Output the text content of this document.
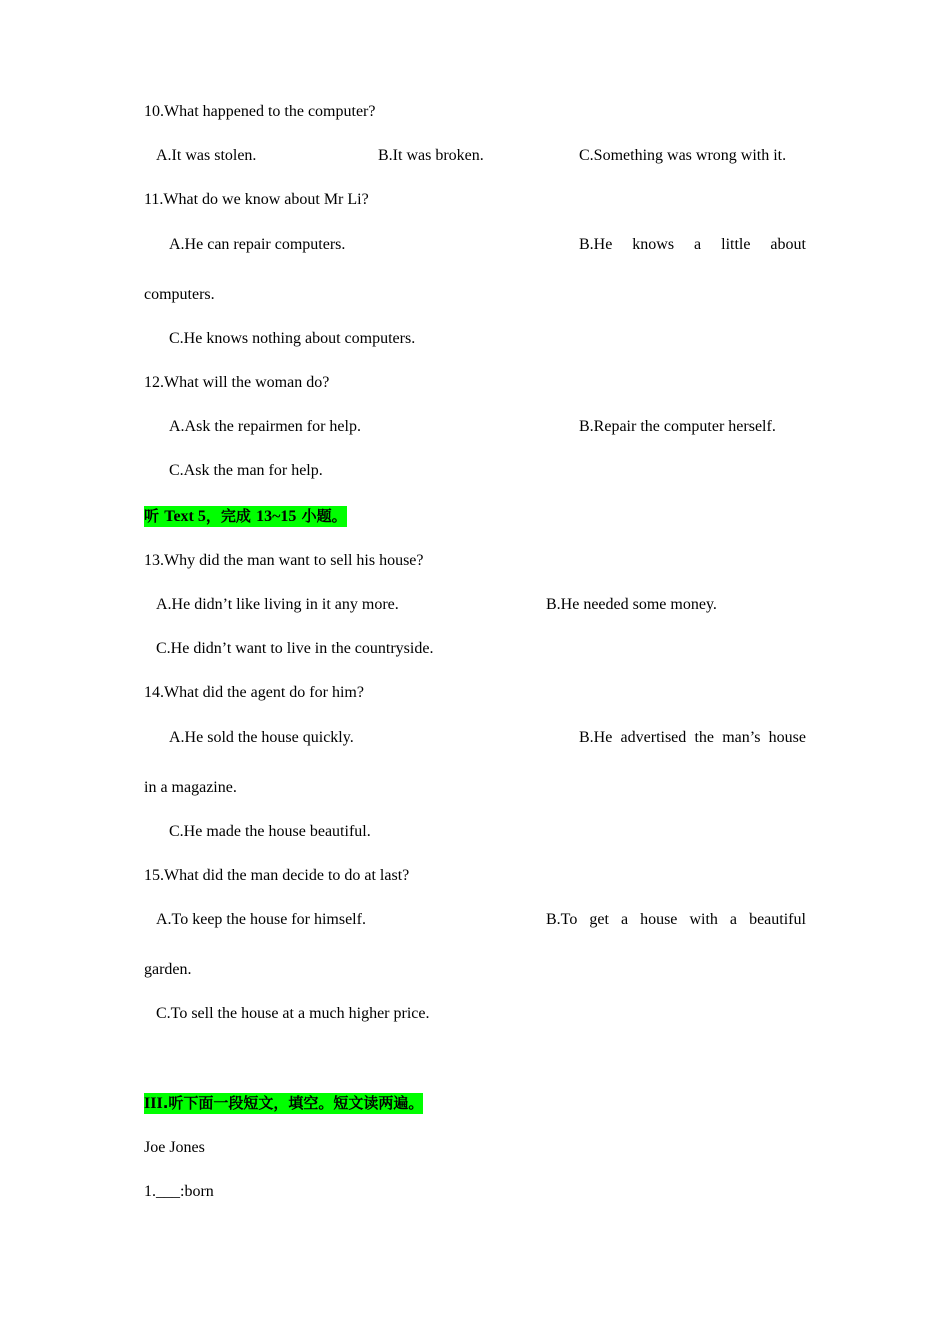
10.What happened to the computer?
A.It was stolen.	B.It was broken.	C.Something was wrong with it.
11.What do we know about Mr Li?
A.He can repair computers.	B.He knows a little about
computers.
C.He knows nothing about computers.
12.What will the woman do?
A.Ask the repairmen for help.	B.Repair the computer herself.
C.Ask the man for help.
听 Text 5，完成 13~15 小题。
13.Why did the man want to sell his house?
A.He didn’t like living in it any more.	B.He needed some money.
C.He didn’t want to live in the countryside.
14.What did the agent do for him?
A.He sold the house quickly.	B.He advertised the man’s house
in a magazine.
C.He made the house beautiful.
15.What did the man decide to do at last?
A.To keep the house for himself.	B.To get a house with a beautiful
garden.
C.To sell the house at a much higher price.
III.听下面一段短文，填空。短文读两遍。
Joe Jones
1.___:born
